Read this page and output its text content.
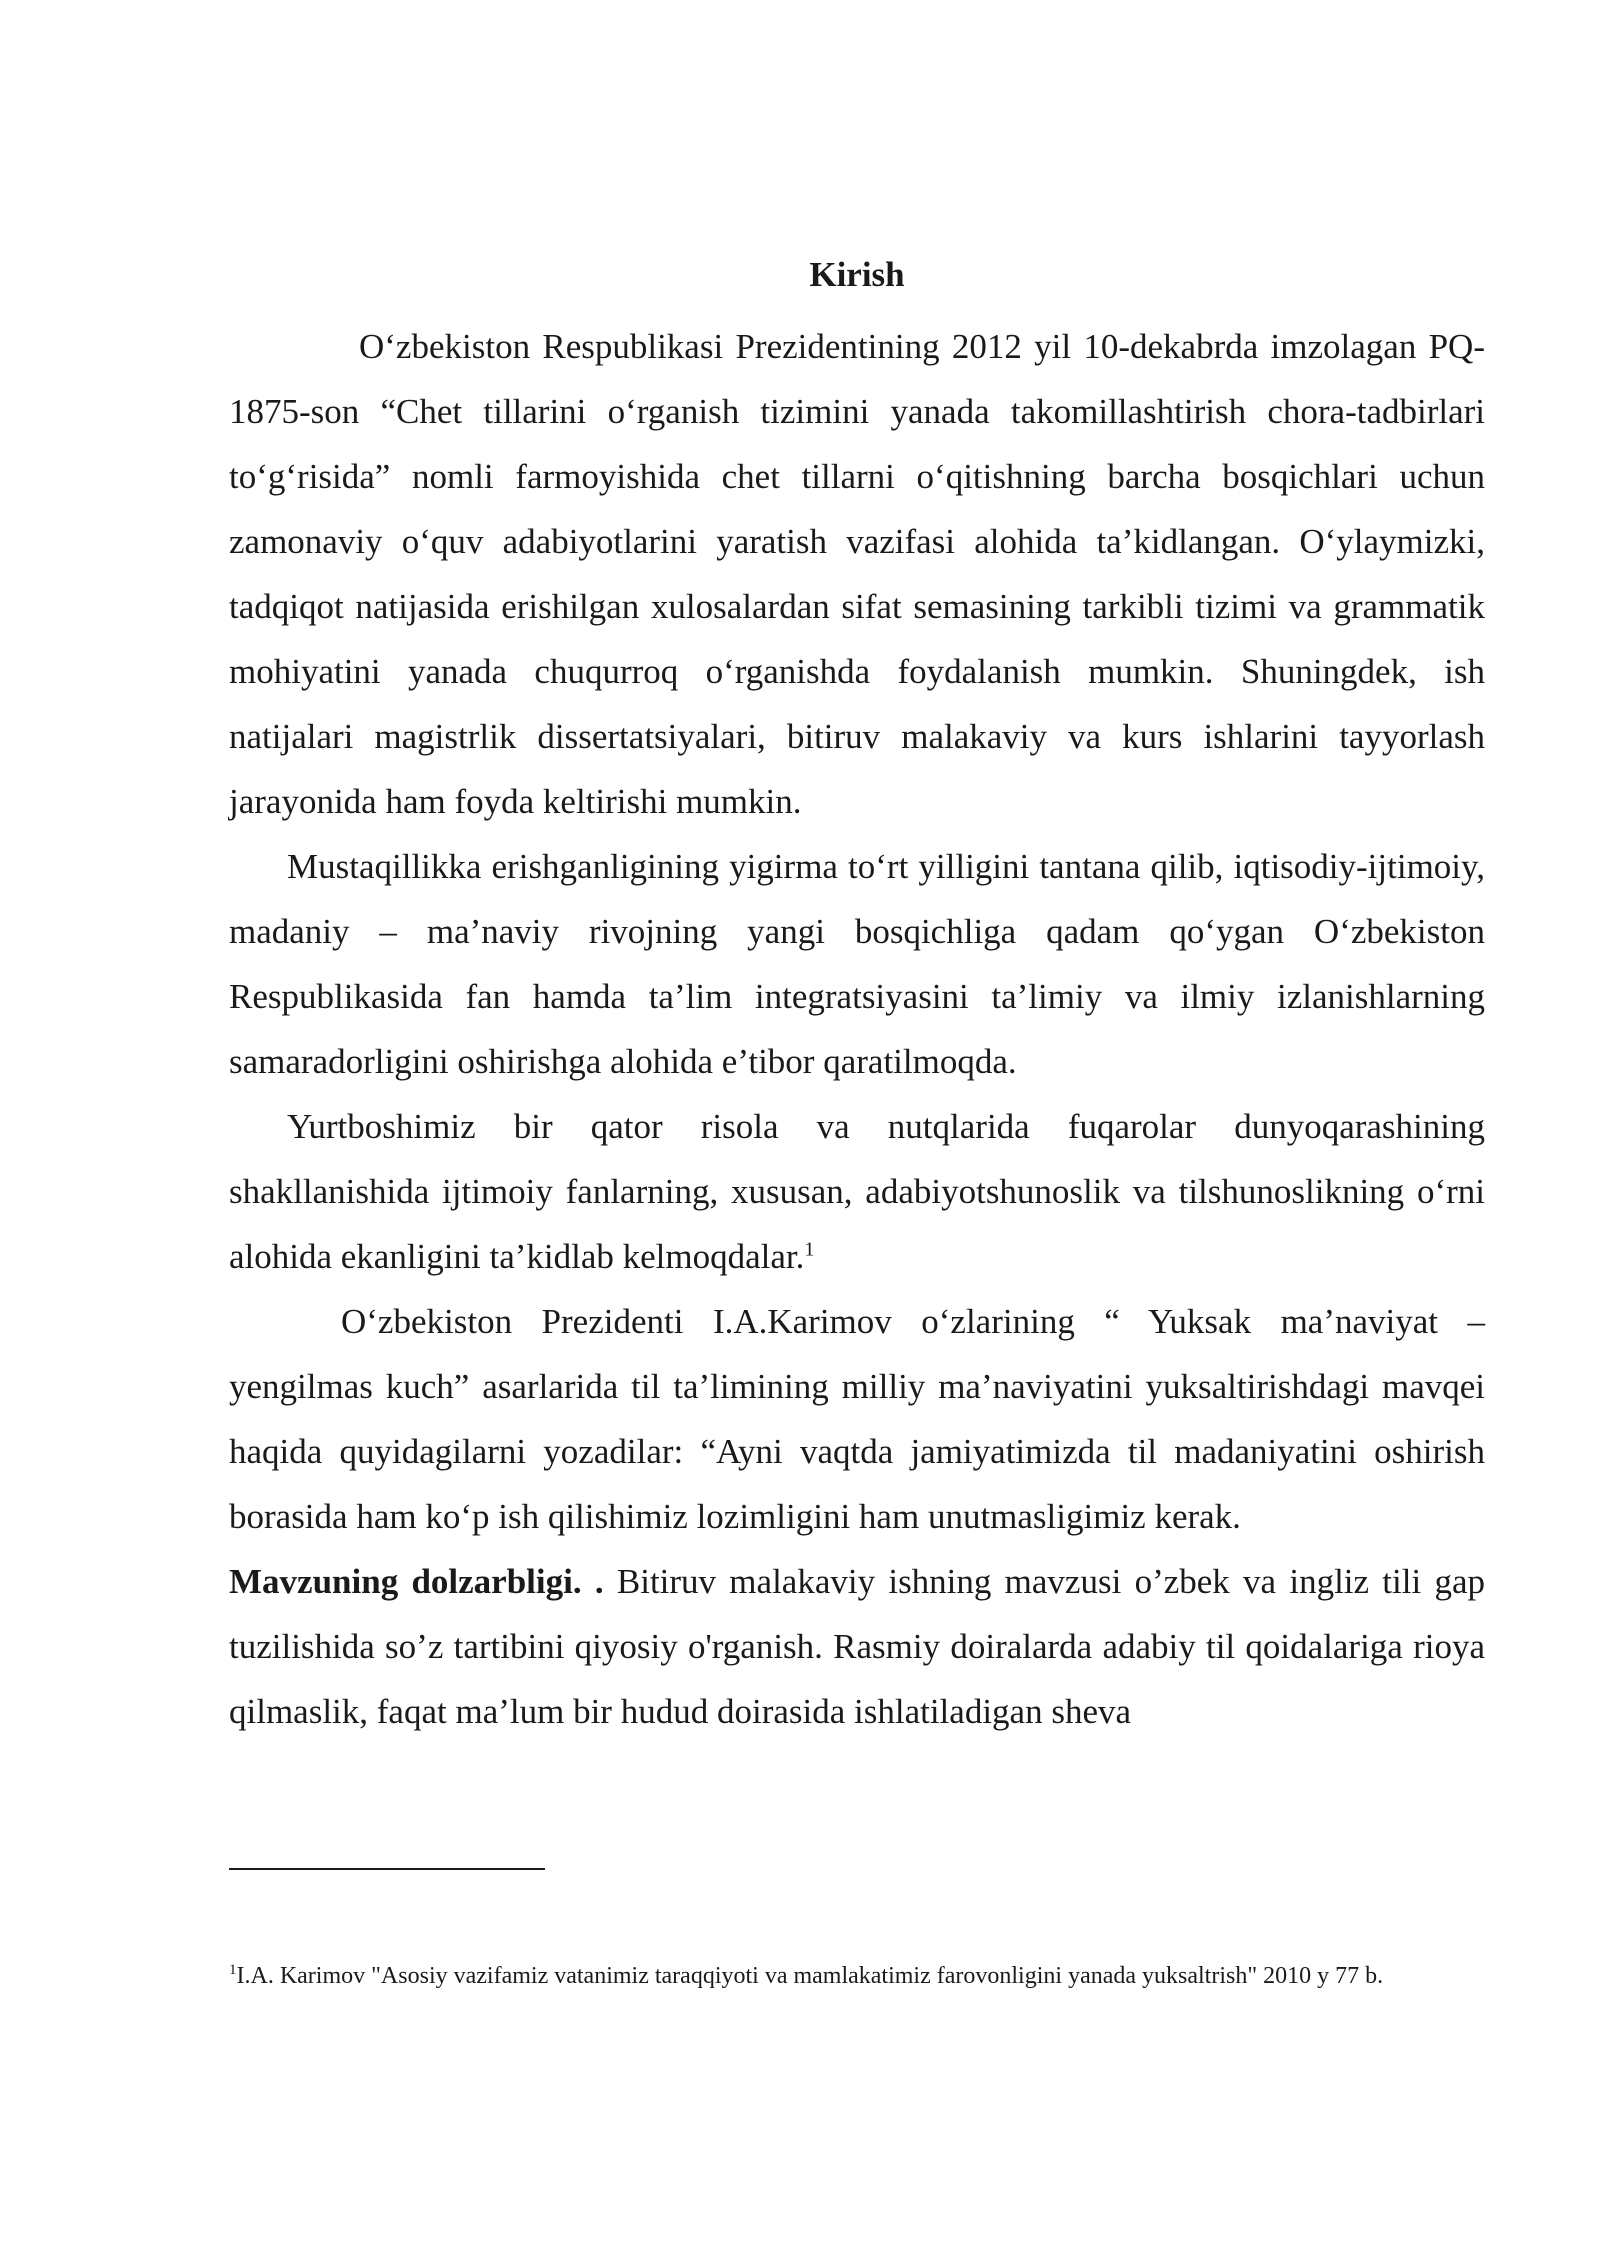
Kirish

O‘zbekiston Respublikasi Prezidentining 2012 yil 10-dekabrda imzolagan PQ-1875-son “Chet tillarini o‘rganish tizimini yanada takomillashtirish chora-tadbirlari to‘g‘risida” nomli farmoyishida chet tillarni o‘qitishning barcha bosqichlari uchun zamonaviy o‘quv adabiyotlarini yaratish vazifasi alohida ta’kidlangan. O‘ylaymizki, tadqiqot natijasida erishilgan xulosalardan sifat semasining tarkibli tizimi va grammatik mohiyatini yanada chuqurroq o‘rganishda foydalanish mumkin. Shuningdek, ish natijalari magistrlik dissertatsiyalari, bitiruv malakaviy va kurs ishlarini tayyorlash jarayonida ham foyda keltirishi mumkin.

Mustaqillikka erishganligining yigirma to‘rt yilligini tantana qilib, iqtisodiy-ijtimoiy, madaniy – ma’naviy rivojning yangi bosqichliga qadam qo‘ygan O‘zbekiston Respublikasida fan hamda ta’lim integratsiyasini ta’limiy va ilmiy izlanishlarning samaradorligini oshirishga alohida e’tibor qaratilmoqda.

Yurtboshimiz bir qator risola va nutqlarida fuqarolar dunyoqarashining shakllanishida ijtimoiy fanlarning, xususan, adabiyotshunoslik va tilshunoslikning o‘rni alohida ekanligini ta’kidlab kelmoqdalar.$^1$

O‘zbekiston Prezidenti I.A.Karimov o‘zlarining “ Yuksak ma’naviyat – yengilmas kuch” asarlarida til ta’limining milliy ma’naviyatini yuksaltirishdagi mavqei haqida quyidagilarni yozadilar: “Ayni vaqtda jamiyatimizda til madaniyatini oshirish borasida ham ko‘p ish qilishimiz lozimligini ham unutmasligimiz kerak.

Mavzuning dolzarbligi. . Bitiruv malakaviy ishning mavzusi o’zbek va ingliz tili gap tuzilishida so’z tartibini qiyosiy o'rganish. Rasmiy doiralarda adabiy til qoidalariga rioya qilmaslik, faqat ma’lum bir hudud doirasida ishlatiladigan sheva

$^1$I.A. Karimov "Asosiy vazifamiz vatanimiz taraqqiyoti va mamlakatimiz farovonligini yanada yuksaltrish" 2010 y 77 b.
